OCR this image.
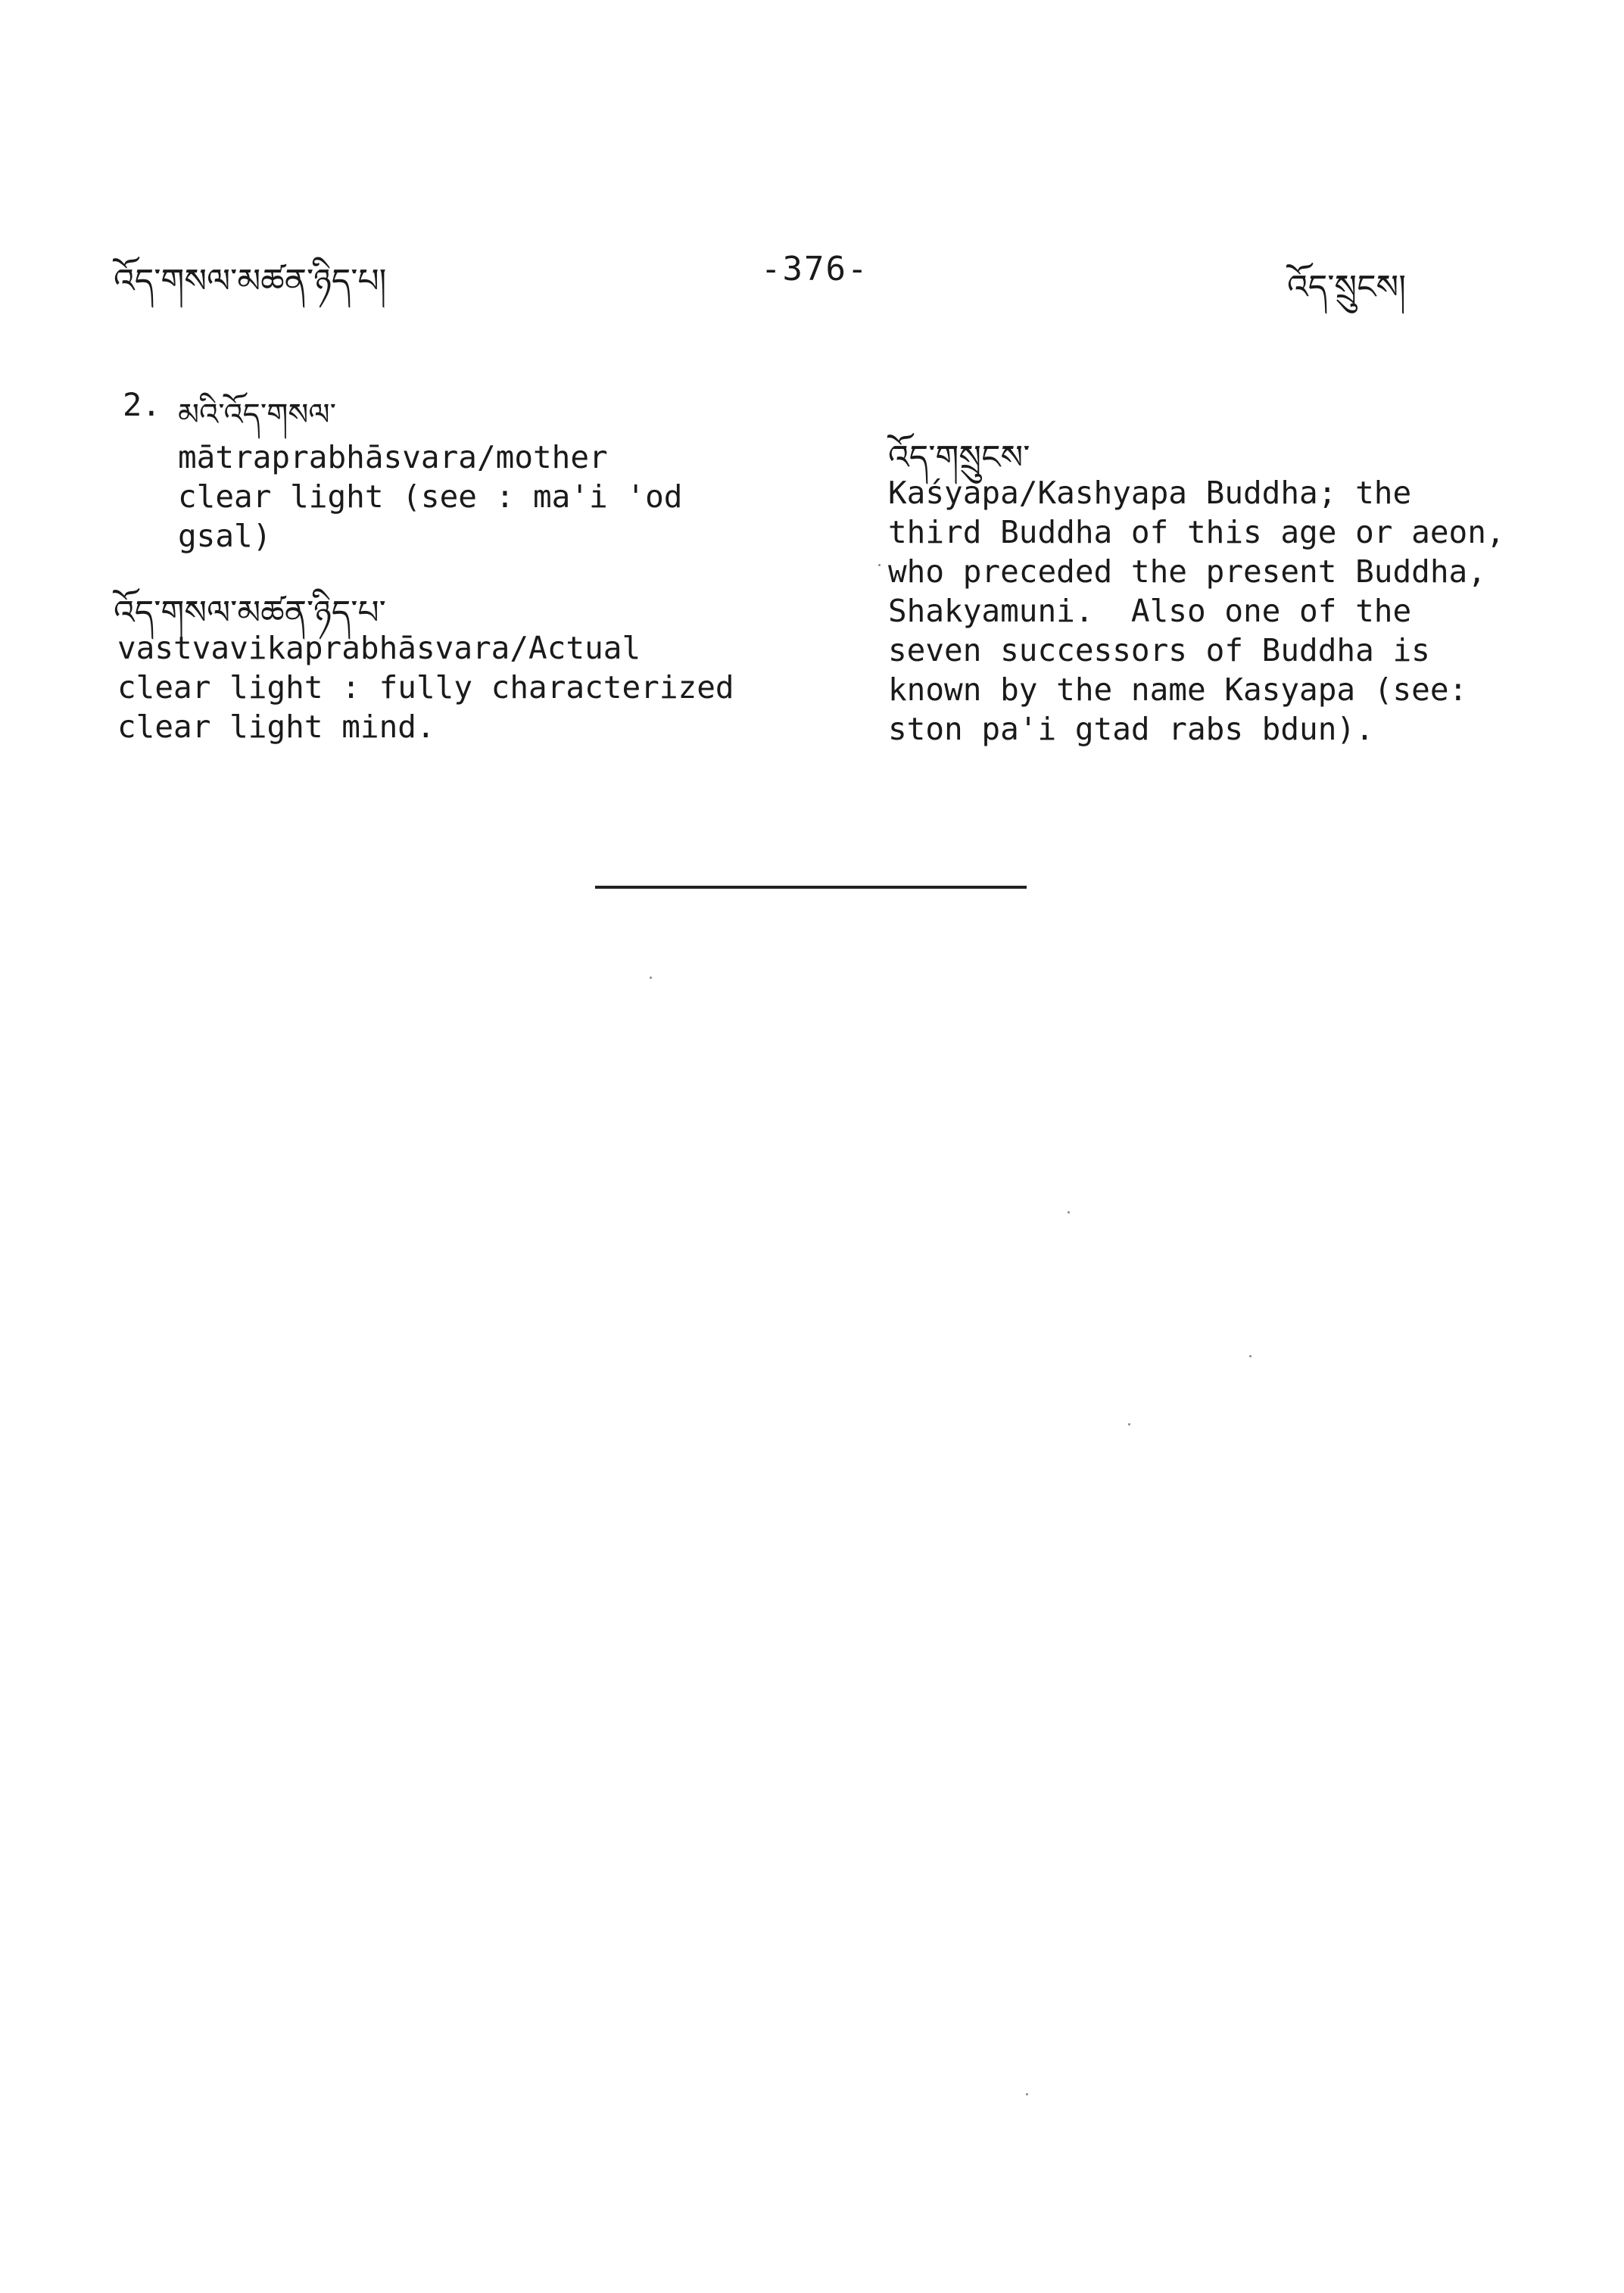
འོད་གསལ་མཚན་ཉིད་པ།	-376-	འོད་སྲུངས།
2. མའི་འོད་གསལ་
mātraprabhāsvara/mother
clear light (see : ma'i 'od
gsal)
འོད་གསལ་མཚན་ཉིད་པ་
vastvavikaprabhāsvara/Actual
clear light : fully characterized
clear light mind.
འོད་གསྲུངས་
Kaśyapa/Kashyapa Buddha; the
third Buddha of this age or aeon,
who preceded the present Buddha,
Shakyamuni.  Also one of the
seven successors of Buddha is
known by the name Kasyapa (see:
ston pa'i gtad rabs bdun).
